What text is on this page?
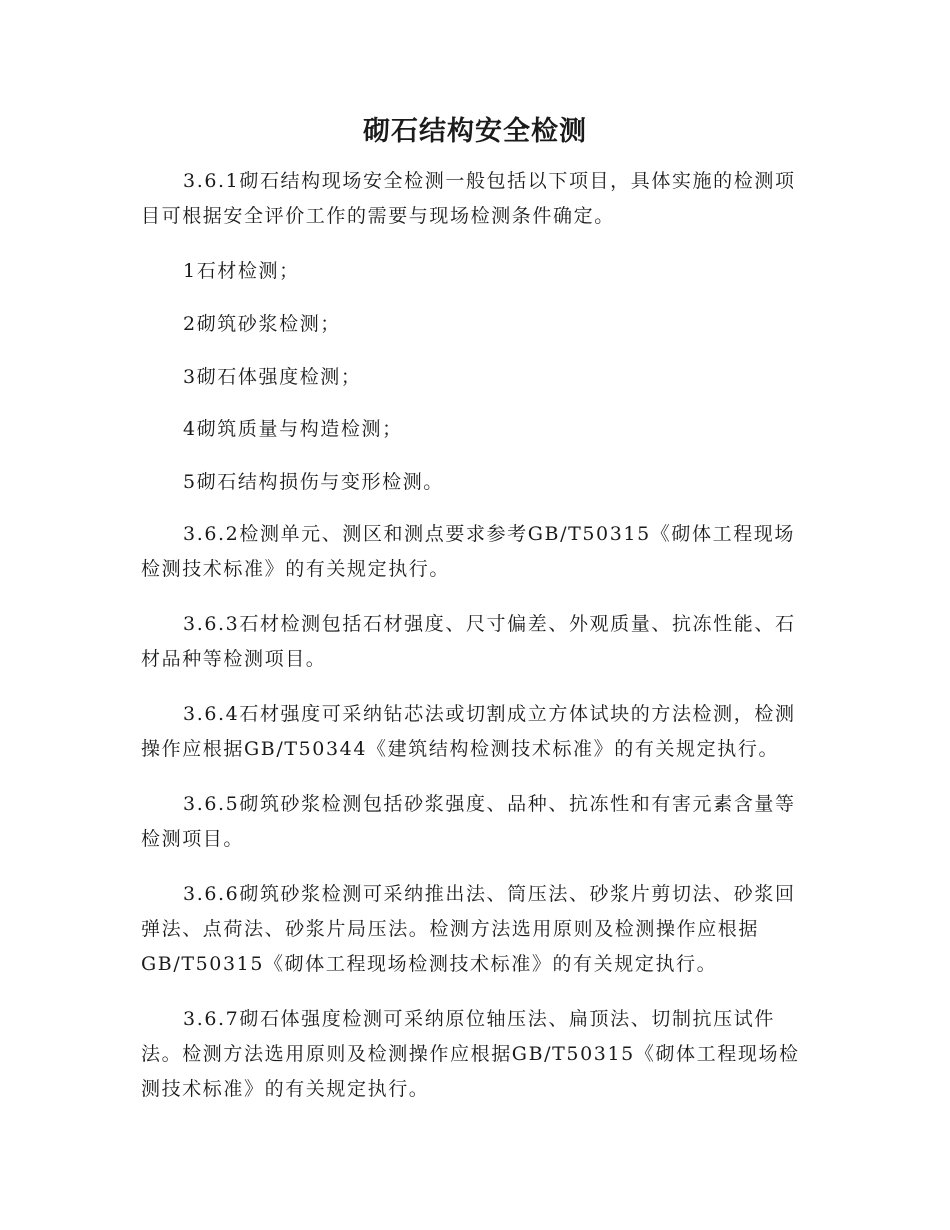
砌石结构安全检测

3.6.1砌石结构现场安全检测一般包括以下项目，具体实施的检测项目可根据安全评价工作的需要与现场检测条件确定。

1石材检测；

2砌筑砂浆检测；

3砌石体强度检测；

4砌筑质量与构造检测；

5砌石结构损伤与变形检测。

3.6.2检测单元、测区和测点要求参考GB/T50315《砌体工程现场检测技术标准》的有关规定执行。

3.6.3石材检测包括石材强度、尺寸偏差、外观质量、抗冻性能、石材品种等检测项目。

3.6.4石材强度可采纳钻芯法或切割成立方体试块的方法检测，检测操作应根据GB/T50344《建筑结构检测技术标准》的有关规定执行。

3.6.5砌筑砂浆检测包括砂浆强度、品种、抗冻性和有害元素含量等检测项目。

3.6.6砌筑砂浆检测可采纳推出法、筒压法、砂浆片剪切法、砂浆回弹法、点荷法、砂浆片局压法。检测方法选用原则及检测操作应根据GB/T50315《砌体工程现场检测技术标准》的有关规定执行。

3.6.7砌石体强度检测可采纳原位轴压法、扁顶法、切制抗压试件法。检测方法选用原则及检测操作应根据GB/T50315《砌体工程现场检测技术标准》的有关规定执行。
